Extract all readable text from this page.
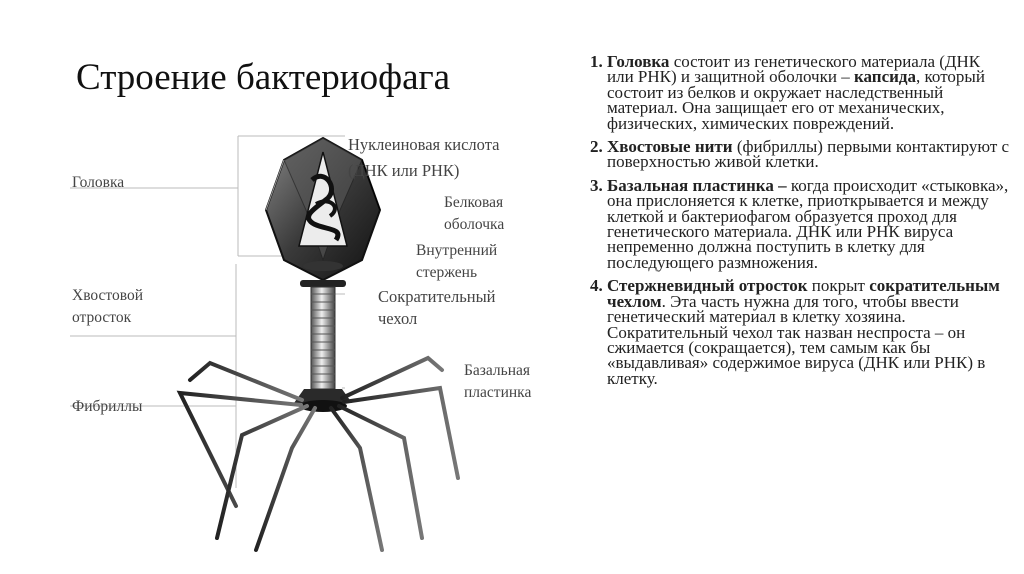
Строение бактериофага
Головка
Хвостовой
отросток
Фибриллы
Нуклеиновая кислота
(ДНК или РНК)
Белковая
оболочка
Внутренний
стержень
Сократительный
чехол
Базальная
пластинка
1. Головка состоит из генетического материала (ДНК или РНК) и защитной оболочки – капсида, который состоит из белков и окружает наследственный материал. Она защищает его от механических, физических, химических повреждений.
2. Хвостовые нити (фибриллы) первыми контактируют с поверхностью живой клетки.
3. Базальная пластинка – когда происходит «стыковка», она прислоняется к клетке, приоткрывается и между клеткой и бактериофагом образуется проход для генетического материала. ДНК или РНК вируса непременно должна поступить в клетку для последующего размножения.
4. Стержневидный отросток покрыт сократительным чехлом. Эта часть нужна для того, чтобы ввести генетический материал в клетку хозяина. Сократительный чехол так назван неспроста – он сжимается (сокращается), тем самым как бы «выдавливая» содержимое вируса (ДНК или РНК) в клетку.
